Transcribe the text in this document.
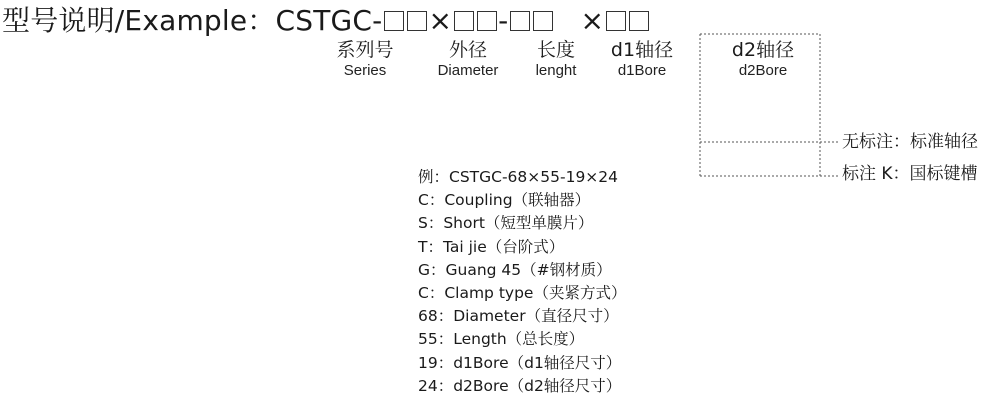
型号说明/Example：CSTGC- × -	×
系列号
Series
外径
Diameter
长度
lenght
d1轴径
d1Bore
d2轴径
d2Bore
无标注：标准轴径
标注 K：国标键槽
例：CSTGC-68×55-19×24
C：Coupling（联轴器）
S：Short（短型单膜片）
T：Tai jie（台阶式）
G：Guang 45（#钢材质）
C：Clamp type（夹紧方式）
68：Diameter（直径尺寸）
55：Length（总长度）
19：d1Bore（d1轴径尺寸）
24：d2Bore（d2轴径尺寸）
